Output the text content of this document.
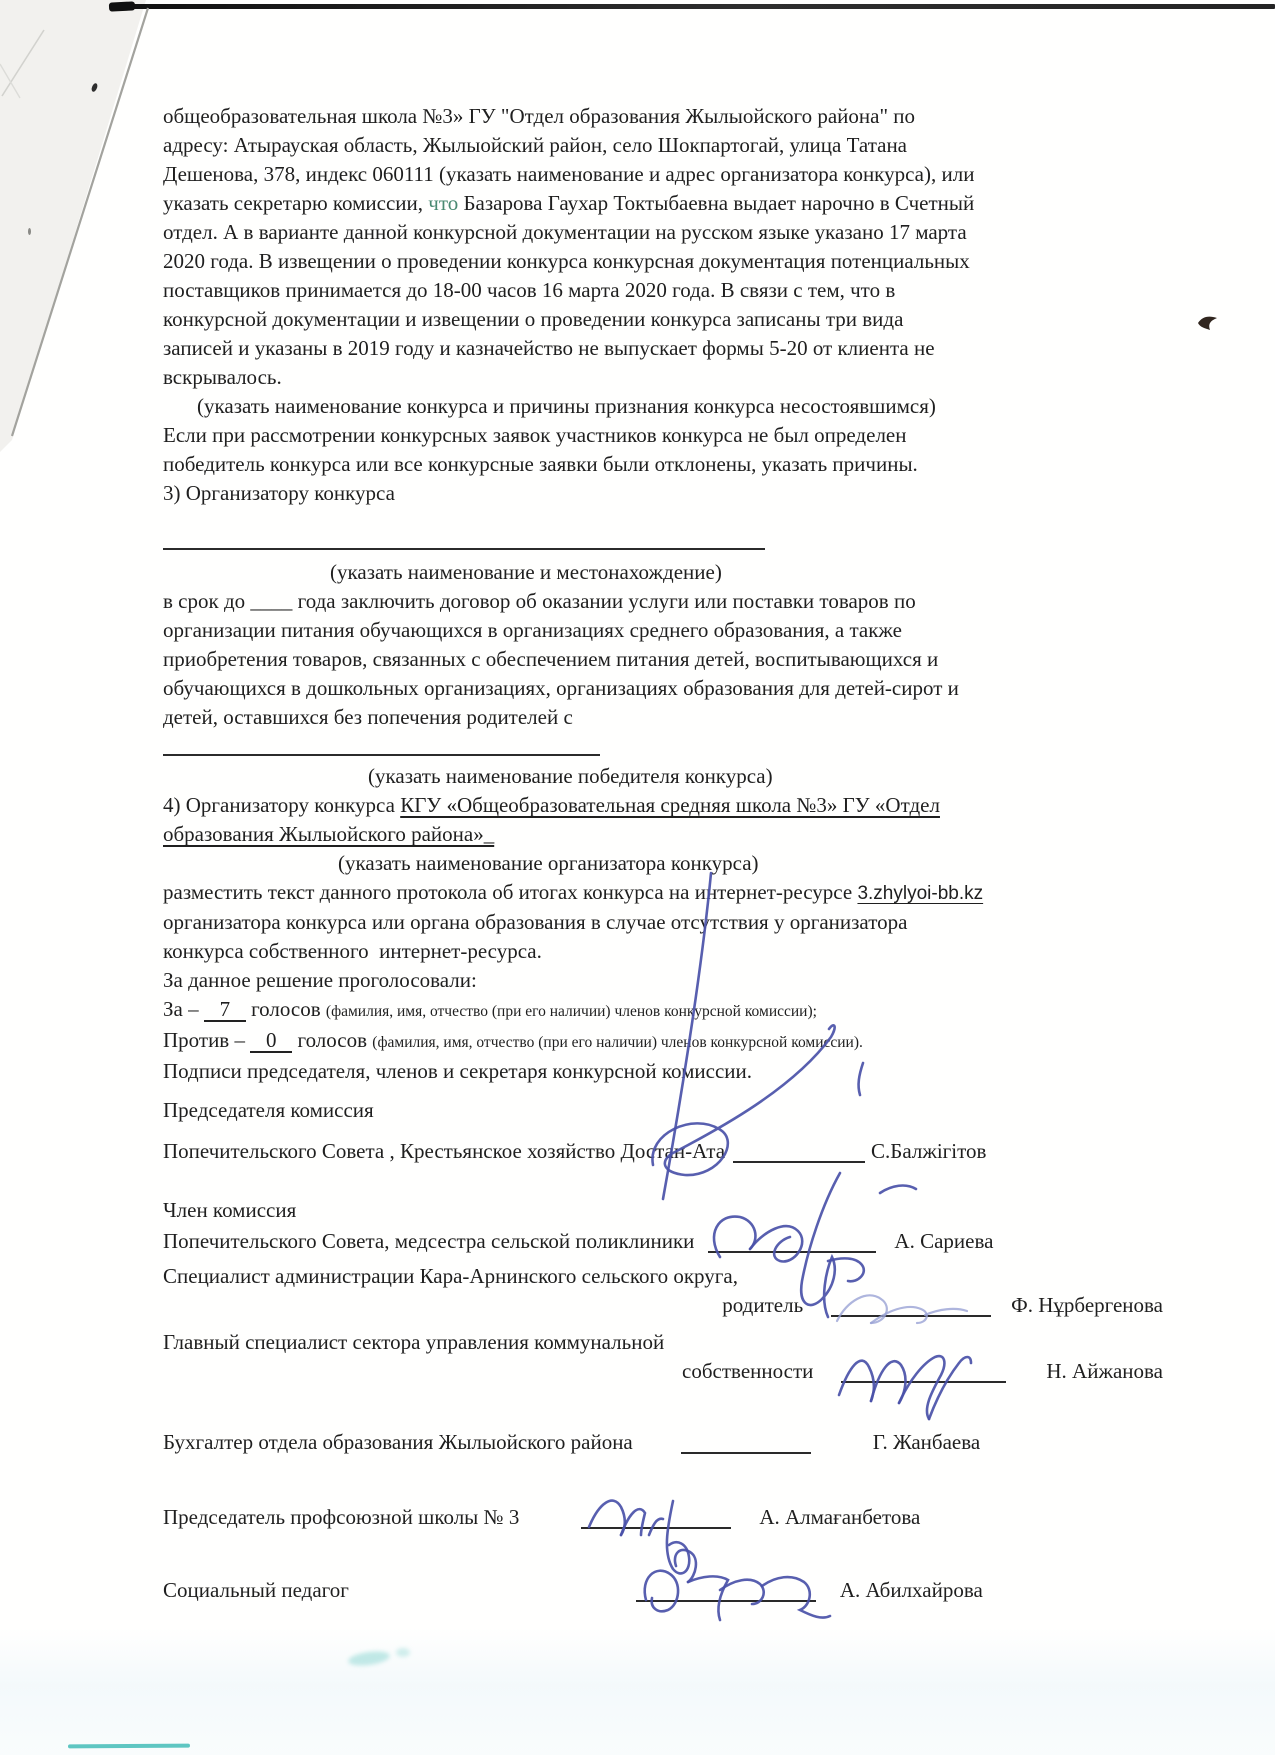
общеобразовательная школа №3» ГУ "Отдел образования Жылыойского района" по
адресу: Атырауская область, Жылыойский район, село Шокпартогай, улица Татана
Дешенова, 378, индекс 060111 (указать наименование и адрес организатора конкурса), или
указать секретарю комиссии, что Базарова Гаухар Токтыбаевна выдает нарочно в Счетный
отдел. А в варианте данной конкурсной документации на русском языке указано 17 марта
2020 года. В извещении о проведении конкурса конкурсная документация потенциальных
поставщиков принимается до 18-00 часов 16 марта 2020 года. В связи с тем, что в
конкурсной документации и извещении о проведении конкурса записаны три вида
записей и указаны в 2019 году и казначейство не выпускает формы 5-20 от клиента не
вскрывалось.
(указать наименование конкурса и причины признания конкурса несостоявшимся)
Если при рассмотрении конкурсных заявок участников конкурса не был определен
победитель конкурса или все конкурсные заявки были отклонены, указать причины.
3) Организатору конкурса
(указать наименование и местонахождение)
в срок до ____ года заключить договор об оказании услуги или поставки товаров по
организации питания обучающихся в организациях среднего образования, а также
приобретения товаров, связанных с обеспечением питания детей, воспитывающихся и
обучающихся в дошкольных организациях, организациях образования для детей-сирот и
детей, оставшихся без попечения родителей с
(указать наименование победителя конкурса)
4) Организатору конкурса КГУ «Общеобразовательная средняя школа №3» ГУ «Отдел
образования Жылыойского района»_
(указать наименование организатора конкурса)
разместить текст данного протокола об итогах конкурса на интернет-ресурсе 3.zhylyoi-bb.kz
организатора конкурса или органа образования в случае отсутствия у организатора
конкурса собственного  интернет-ресурса.
За данное решение проголосовали:
За – 7 голосов (фамилия, имя, отчество (при его наличии) членов конкурсной комиссии);
Против – 0 голосов (фамилия, имя, отчество (при его наличии) членов конкурсной комиссии).
Подписи председателя, членов и секретаря конкурсной комиссии.
Председателя комиссия
Попечительского Совета , Крестьянское хозяйство Достан-Ата

	С.Балжігітов
Член комиссия
Попечительского Совета, медсестра сельской поликлиники

	А. Сариева
Специалист администрации Кара-Арнинского сельского округа,
родитель

	Ф. Нұрбергенова
Главный специалист сектора управления коммунальной
собственности

	Н. Айжанова
Бухгалтер отдела образования Жылыойского района	Г. Жанбаева
Председатель профсоюзной школы № 3

	А. Алмағанбетова
Социальный педагог

	А. Абилхайрова
